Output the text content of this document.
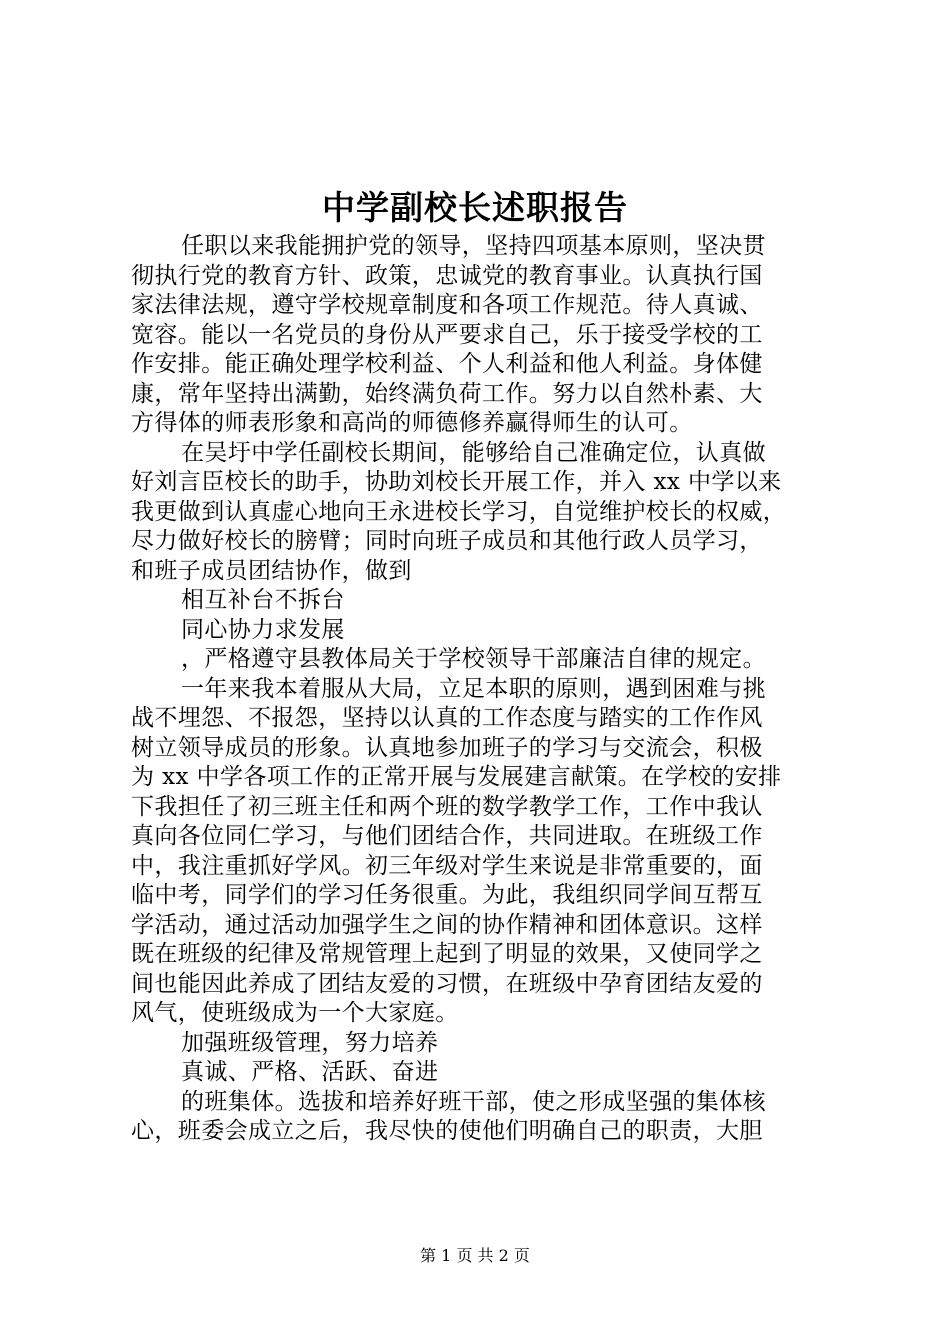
中学副校长述职报告
任职以来我能拥护党的领导，坚持四项基本原则，坚决贯
彻执行党的教育方针、政策，忠诚党的教育事业。认真执行国
家法律法规，遵守学校规章制度和各项工作规范。待人真诚、
宽容。能以一名党员的身份从严要求自己，乐于接受学校的工
作安排。能正确处理学校利益、个人利益和他人利益。身体健
康，常年坚持出满勤，始终满负荷工作。努力以自然朴素、大
方得体的师表形象和高尚的师德修养赢得师生的认可。
在吴圩中学任副校长期间，能够给自己准确定位，认真做
好刘言臣校长的助手，协助刘校长开展工作，并入 xx 中学以来
我更做到认真虚心地向王永进校长学习，自觉维护校长的权威，
尽力做好校长的膀臂；同时向班子成员和其他行政人员学习，
和班子成员团结协作，做到
相互补台不拆台
同心协力求发展
，严格遵守县教体局关于学校领导干部廉洁自律的规定。
一年来我本着服从大局，立足本职的原则，遇到困难与挑
战不埋怨、不报怨，坚持以认真的工作态度与踏实的工作作风
树立领导成员的形象。认真地参加班子的学习与交流会，积极
为 xx 中学各项工作的正常开展与发展建言献策。在学校的安排
下我担任了初三班主任和两个班的数学教学工作，工作中我认
真向各位同仁学习，与他们团结合作，共同进取。在班级工作
中，我注重抓好学风。初三年级对学生来说是非常重要的，面
临中考，同学们的学习任务很重。为此，我组织同学间互帮互
学活动，通过活动加强学生之间的协作精神和团体意识。这样
既在班级的纪律及常规管理上起到了明显的效果，又使同学之
间也能因此养成了团结友爱的习惯，在班级中孕育团结友爱的
风气，使班级成为一个大家庭。
加强班级管理，努力培养
真诚、严格、活跃、奋进
的班集体。选拔和培养好班干部，使之形成坚强的集体核
心，班委会成立之后，我尽快的使他们明确自己的职责，大胆
第 1 页 共 2 页
